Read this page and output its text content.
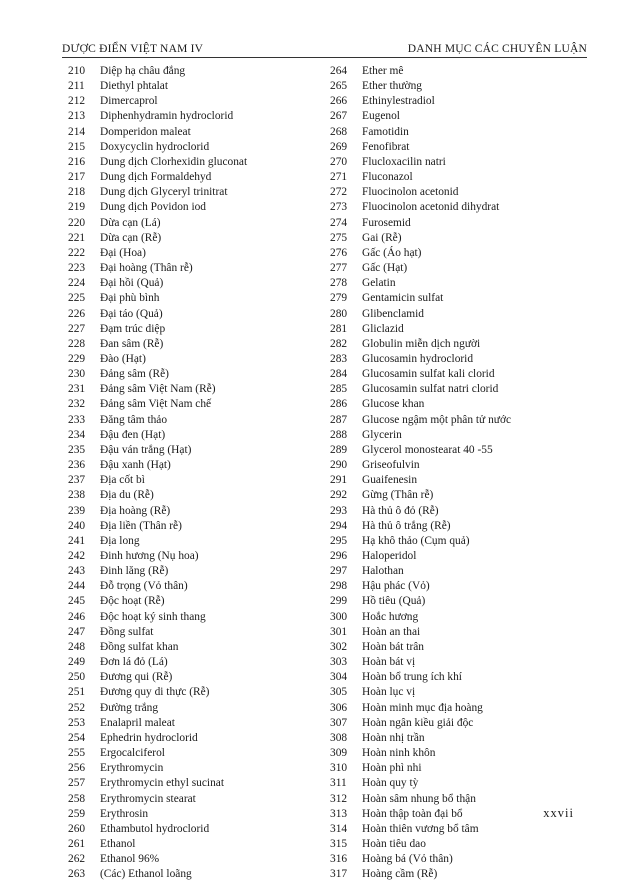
DƯỢC ĐIỂN VIỆT NAM IV	DANH MỤC CÁC CHUYÊN LUẬN
210 Diệp hạ châu đắng
211 Diethyl phtalat
212 Dimercaprol
213 Diphenhydramin hydroclorid
214 Domperidon maleat
215 Doxycyclin hydroclorid
216 Dung dịch Clorhexidin gluconat
217 Dung dịch Formaldehyd
218 Dung dịch Glyceryl trinitrat
219 Dung dịch Povidon iod
220 Dừa cạn (Lá)
221 Dừa cạn (Rễ)
222 Đại (Hoa)
223 Đại hoàng (Thân rễ)
224 Đại hồi (Quả)
225 Đại phù bình
226 Đại táo (Quả)
227 Đạm trúc diệp
228 Đan sâm (Rễ)
229 Đào (Hạt)
230 Đảng sâm (Rễ)
231 Đảng sâm Việt Nam (Rễ)
232 Đảng sâm Việt Nam chế
233 Đăng tâm thảo
234 Đậu đen (Hạt)
235 Đậu ván trắng (Hạt)
236 Đậu xanh (Hạt)
237 Địa cốt bì
238 Địa du (Rễ)
239 Địa hoàng (Rễ)
240 Địa liền (Thân rễ)
241 Địa long
242 Đinh hương (Nụ hoa)
243 Đinh lăng (Rễ)
244 Đỗ trọng (Vỏ thân)
245 Độc hoạt (Rễ)
246 Độc hoạt ký sinh thang
247 Đồng sulfat
248 Đồng sulfat khan
249 Đơn lá đỏ (Lá)
250 Đương qui (Rễ)
251 Đương quy di thực (Rễ)
252 Đường trắng
253 Enalapril maleat
254 Ephedrin hydroclorid
255 Ergocalciferol
256 Erythromycin
257 Erythromycin ethyl sucinat
258 Erythromycin stearat
259 Erythrosin
260 Ethambutol hydroclorid
261 Ethanol
262 Ethanol 96%
263 (Các) Ethanol loãng
264 Ether mê
265 Ether thường
266 Ethinylestradiol
267 Eugenol
268 Famotidin
269 Fenofibrat
270 Flucloxacilin natri
271 Fluconazol
272 Fluocinolon acetonid
273 Fluocinolon acetonid dihydrat
274 Furosemid
275 Gai (Rễ)
276 Gấc (Áo hạt)
277 Gấc (Hạt)
278 Gelatin
279 Gentamicin sulfat
280 Glibenclamid
281 Gliclazid
282 Globulin miễn dịch người
283 Glucosamin hydroclorid
284 Glucosamin sulfat kali clorid
285 Glucosamin sulfat natri clorid
286 Glucose khan
287 Glucose ngậm một phân tử nước
288 Glycerin
289 Glycerol monostearat 40 -55
290 Griseofulvin
291 Guaifenesin
292 Gừng (Thân rễ)
293 Hà thủ ô đỏ (Rễ)
294 Hà thủ ô trắng (Rễ)
295 Hạ khô thảo (Cụm quả)
296 Haloperidol
297 Halothan
298 Hậu phác (Vỏ)
299 Hồ tiêu (Quả)
300 Hoắc hương
301 Hoàn an thai
302 Hoàn bát trân
303 Hoàn bát vị
304 Hoàn bổ trung ích khí
305 Hoàn lục vị
306 Hoàn minh mục địa hoàng
307 Hoàn ngân kiều giải độc
308 Hoàn nhị trần
309 Hoàn ninh khôn
310 Hoàn phì nhi
311 Hoàn quy tỳ
312 Hoàn sâm nhung bổ thận
313 Hoàn thập toàn đại bổ
314 Hoàn thiên vương bổ tâm
315 Hoàn tiêu dao
316 Hoàng bá (Vỏ thân)
317 Hoàng cầm (Rễ)
xxvii
